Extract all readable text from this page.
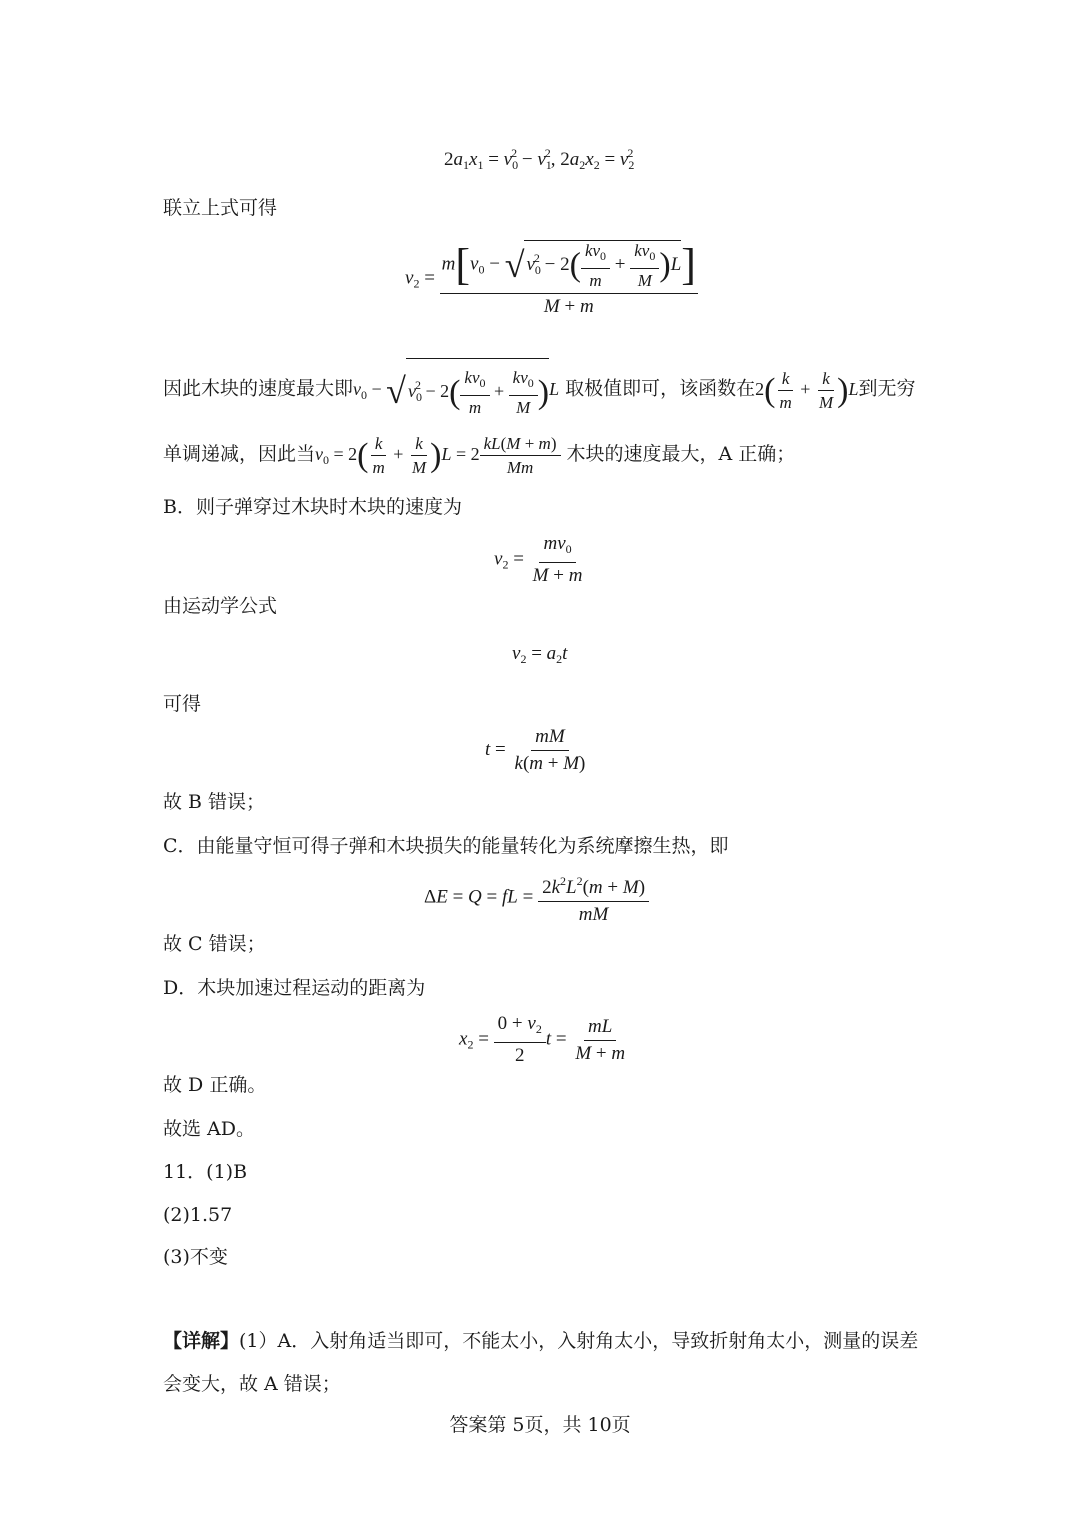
$2a_1x_1 = v_0^2 - v_1^2$, $2a_2x_2 = v_2^2$
联立上式可得
$v_2 = \frac{m[v_0 - √ v_0^2 - 2( \frac{kv_0}{m} + \frac{kv_0}{M} )L]}{M + m}$
因此木块的速度最大即$v_0$ − √ $v_0^2 - 2( \frac{kv_0}{m} + \frac{kv_0}{M} )L$ 取极值即可，该函数在$2( \frac{k}{m} + \frac{k}{M} )L$到无穷
单调递减，因此当$v_0 = 2( \frac{k}{m} + \frac{k}{M} )L = 2 \frac{kL(M + m)}{Mm}$ 木块的速度最大，A 正确；
B．则子弹穿过木块时木块的速度为
$v_2 = \frac{mv_0}{M + m}$
由运动学公式
$v_2 = a_2t$
可得
$t = \frac{mM}{k(m + M)}$
故 B 错误；
C．由能量守恒可得子弹和木块损失的能量转化为系统摩擦生热，即
ΔE = Q = fL = $\frac{2k^2L^2(m + M)}{mM}$
故 C 错误；
D．木块加速过程运动的距离为
$x_2 = \frac{0 + v_2}{2}$ $t = \frac{mL}{M + m}$
故 D 正确。
故选 AD。
11．(1)B
(2)1.57
(3)不变
【详解】(1）A．入射角适当即可，不能太小，入射角太小，导致折射角太小，测量的误差
会变大，故 A 错误；
答案第 5页，共 10页
